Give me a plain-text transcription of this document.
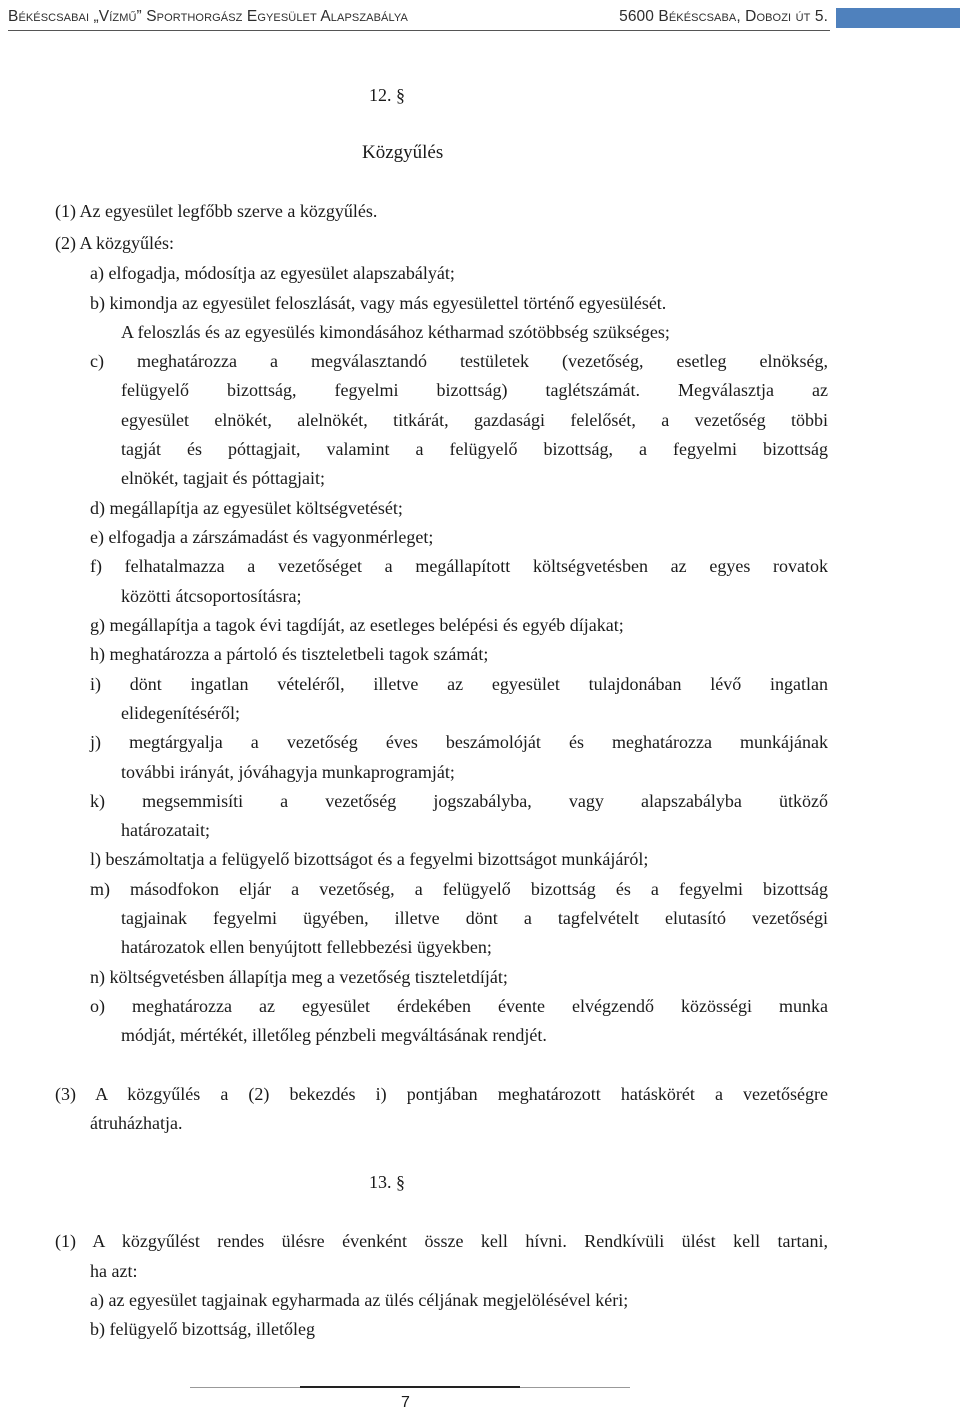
Békéscsabai „Vízmű” Sporthorgász Egyesület Alapszabálya	5600 Békéscsaba, Dobozi út 5.
12. §
Közgyűlés
(1) Az egyesület legfőbb szerve a közgyűlés.
(2) A közgyűlés:
a) elfogadja, módosítja az egyesület alapszabályát;
b) kimondja az egyesület feloszlását, vagy más egyesülettel történő egyesülését.
A feloszlás és az egyesülés kimondásához kétharmad szótöbbség szükséges;
c) meghatározza a megválasztandó testületek (vezetőség, esetleg elnökség,
felügyelő bizottság, fegyelmi bizottság) taglétszámát. Megválasztja az
egyesület elnökét, alelnökét, titkárát, gazdasági felelősét, a vezetőség többi
tagját és póttagjait, valamint a felügyelő bizottság, a fegyelmi bizottság
elnökét, tagjait és póttagjait;
d) megállapítja az egyesület költségvetését;
e) elfogadja a zárszámadást és vagyonmérleget;
f) felhatalmazza a vezetőséget a megállapított költségvetésben az egyes rovatok
közötti átcsoportosításra;
g) megállapítja a tagok évi tagdíját, az esetleges belépési és egyéb díjakat;
h) meghatározza a pártoló és tiszteletbeli tagok számát;
i) dönt ingatlan vételéről, illetve az egyesület tulajdonában lévő ingatlan
elidegenítéséről;
j) megtárgyalja a vezetőség éves beszámolóját és meghatározza munkájának
további irányát, jóváhagyja munkaprogramját;
k) megsemmisíti a vezetőség jogszabályba, vagy alapszabályba ütköző
határozatait;
l) beszámoltatja a felügyelő bizottságot és a fegyelmi bizottságot munkájáról;
m) másodfokon eljár a vezetőség, a felügyelő bizottság és a fegyelmi bizottság
tagjainak fegyelmi ügyében, illetve dönt a tagfelvételt elutasító vezetőségi
határozatok ellen benyújtott fellebbezési ügyekben;
n) költségvetésben állapítja meg a vezetőség tiszteletdíját;
o) meghatározza az egyesület érdekében évente elvégzendő közösségi munka
módját, mértékét, illetőleg pénzbeli megváltásának rendjét.
(3) A közgyűlés a (2) bekezdés i) pontjában meghatározott hatáskörét a vezetőségre
átruházhatja.
13. §
(1) A közgyűlést rendes ülésre évenként össze kell hívni. Rendkívüli ülést kell tartani,
ha azt:
a) az egyesület tagjainak egyharmada az ülés céljának megjelölésével kéri;
b) felügyelő bizottság, illetőleg
7
